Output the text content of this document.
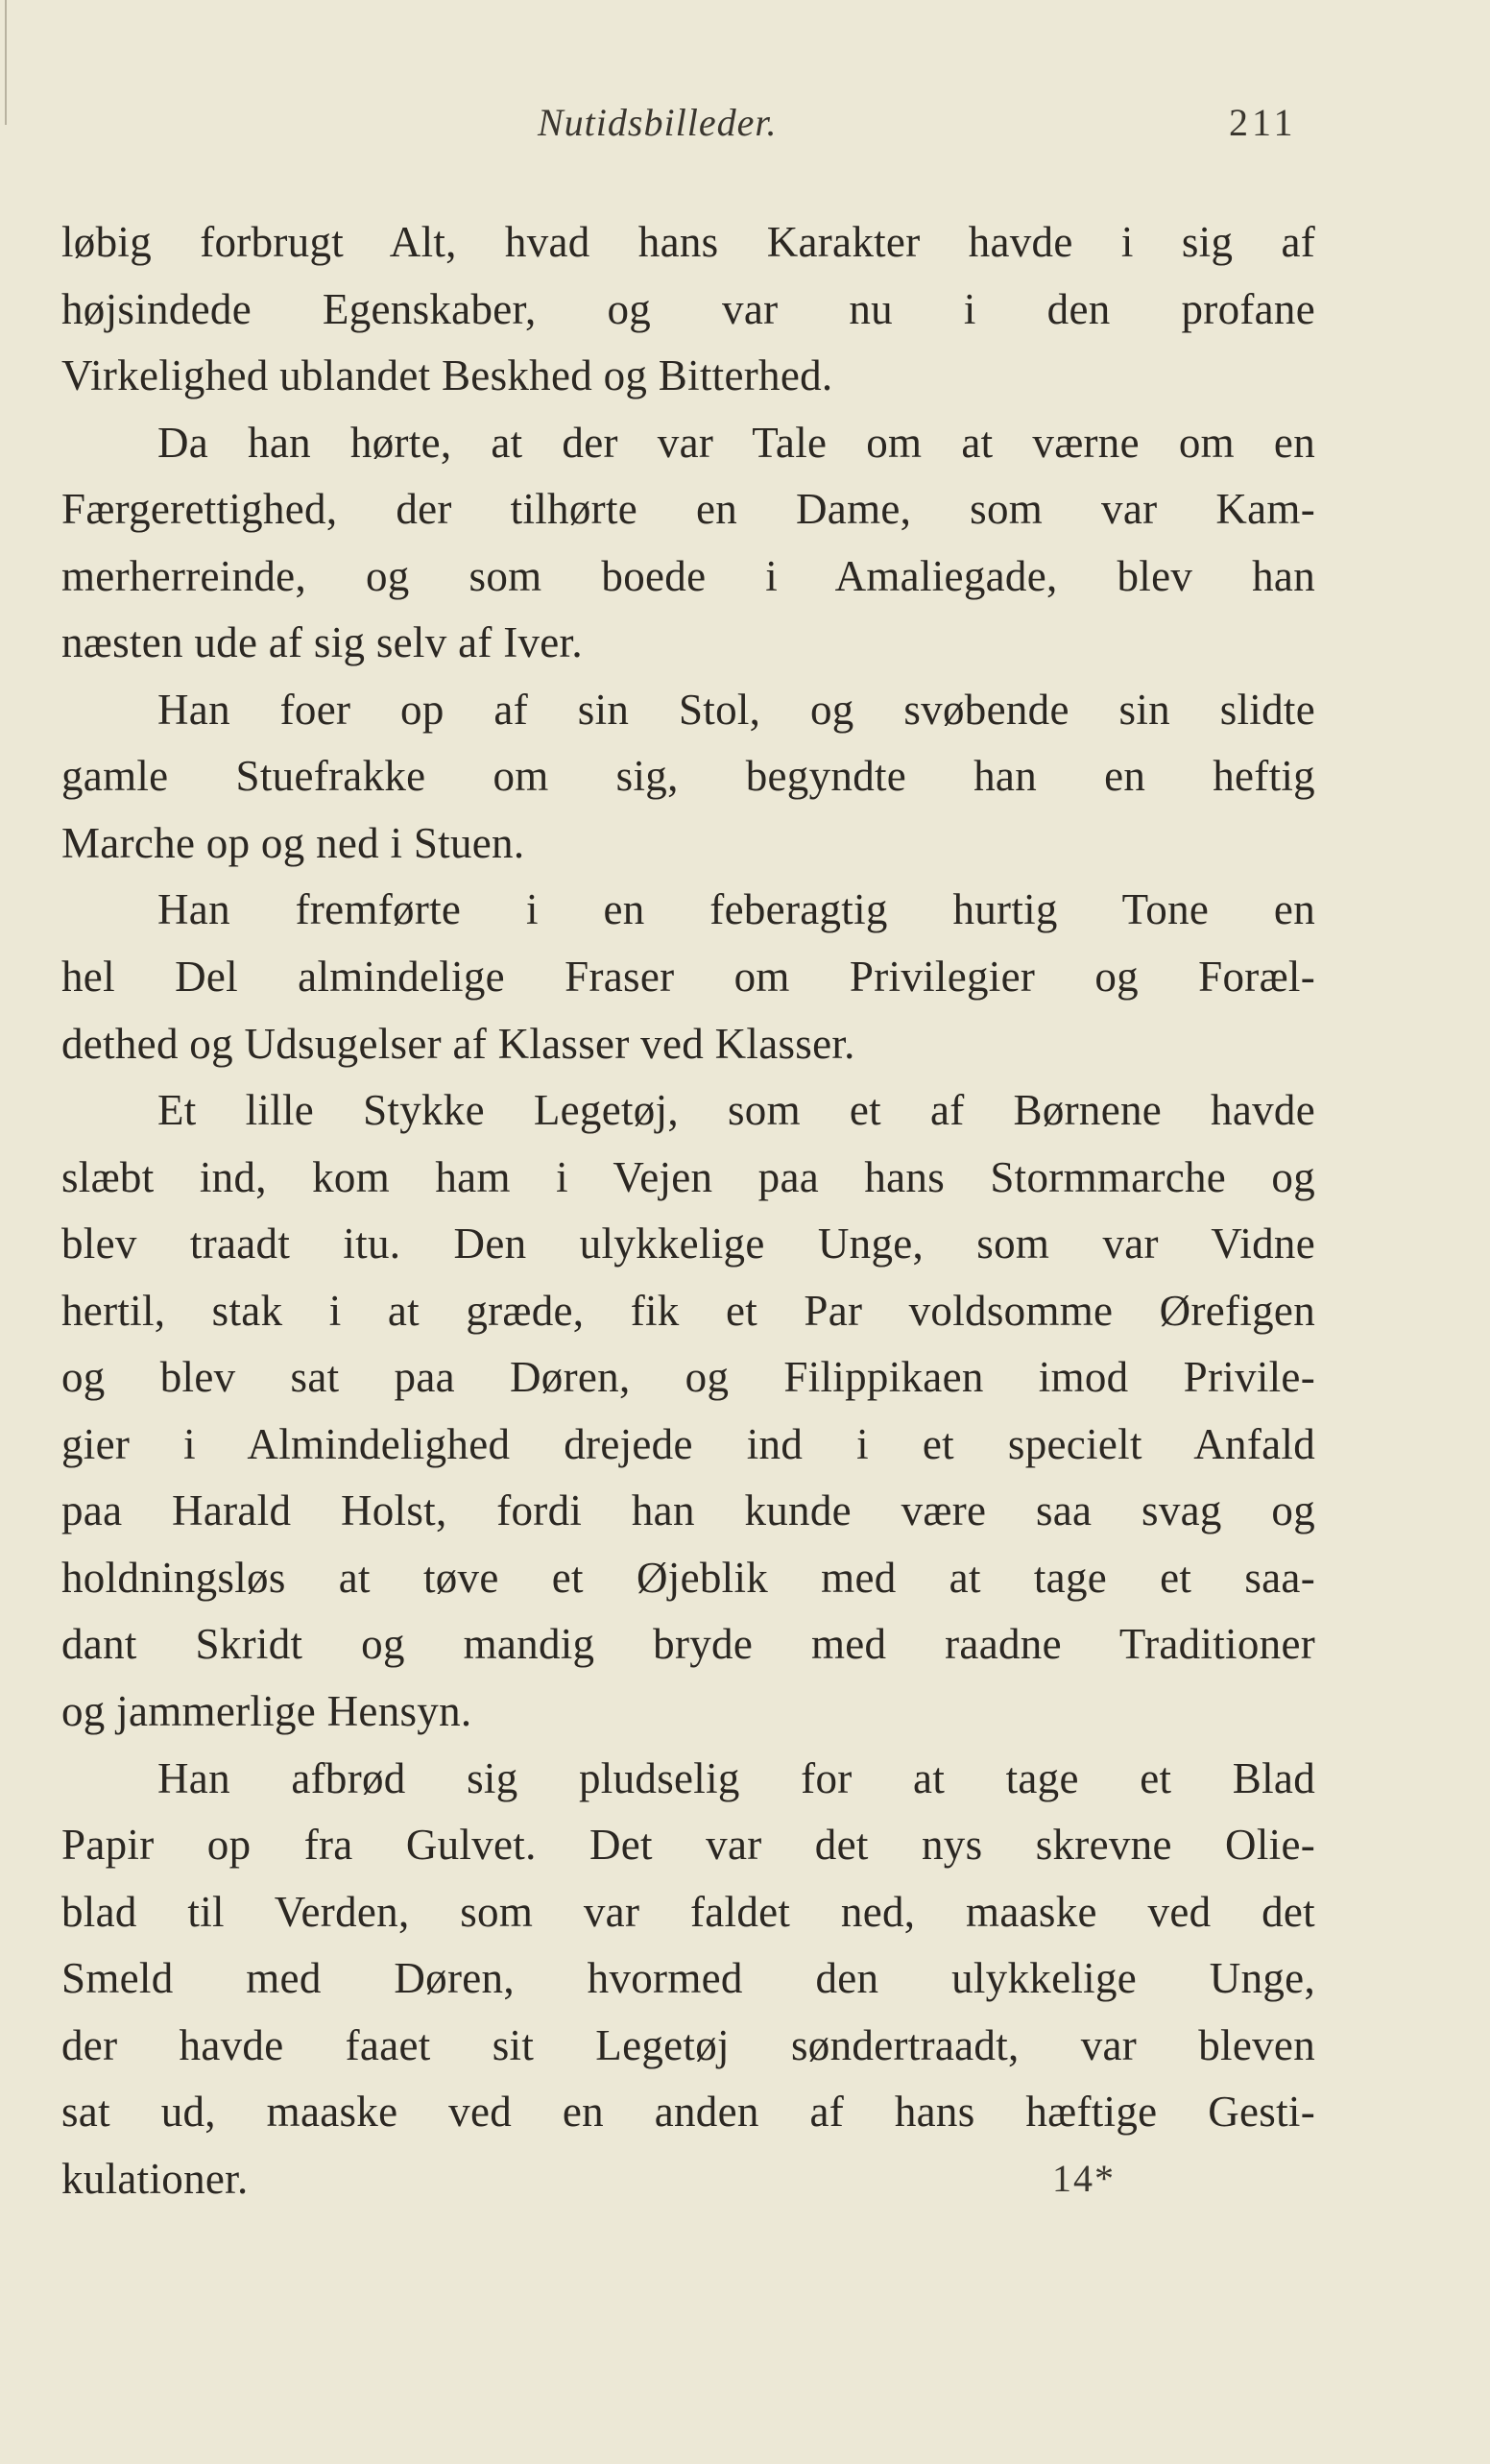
Nutidsbilleder.	211
løbig forbrugt Alt, hvad hans Karakter havde i sig af
højsindede Egenskaber, og var nu i den profane
Virkelighed ublandet Beskhed og Bitterhed.
Da han hørte, at der var Tale om at værne om en
Færgerettighed, der tilhørte en Dame, som var Kam-
merherreinde, og som boede i Amaliegade, blev han
næsten ude af sig selv af Iver.
Han foer op af sin Stol, og svøbende sin slidte
gamle Stuefrakke om sig, begyndte han en heftig
Marche op og ned i Stuen.
Han fremførte i en feberagtig hurtig Tone en
hel Del almindelige Fraser om Privilegier og Foræl-
dethed og Udsugelser af Klasser ved Klasser.
Et lille Stykke Legetøj, som et af Børnene havde
slæbt ind, kom ham i Vejen paa hans Stormmarche og
blev traadt itu. Den ulykkelige Unge, som var Vidne
hertil, stak i at græde, fik et Par voldsomme Ørefigen
og blev sat paa Døren, og Filippikaen imod Privile-
gier i Almindelighed drejede ind i et specielt Anfald
paa Harald Holst, fordi han kunde være saa svag og
holdningsløs at tøve et Øjeblik med at tage et saa-
dant Skridt og mandig bryde med raadne Traditioner
og jammerlige Hensyn.
Han afbrød sig pludselig for at tage et Blad
Papir op fra Gulvet. Det var det nys skrevne Olie-
blad til Verden, som var faldet ned, maaske ved det
Smeld med Døren, hvormed den ulykkelige Unge,
der havde faaet sit Legetøj søndertraadt, var bleven
sat ud, maaske ved en anden af hans hæftige Gesti-
kulationer.	14*
